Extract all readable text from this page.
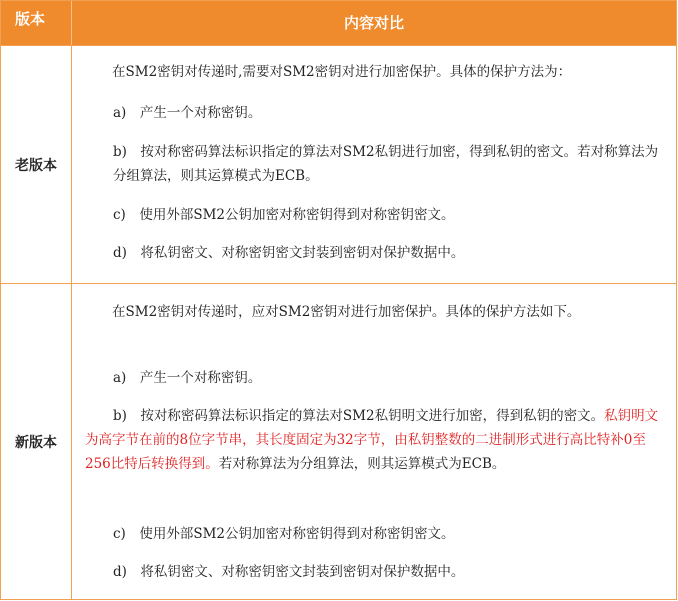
版本	内容对比
老版本
在SM2密钥对传递时,需要对SM2密钥对进行加密保护。具体的保护方法为：
a)　产生一个对称密钥。
b)　按对称密码算法标识指定的算法对SM2私钥进行加密，得到私钥的密文。若对称算法为分组算法，则其运算模式为ECB。
c)　使用外部SM2公钥加密对称密钥得到对称密钥密文。
d)　将私钥密文、对称密钥密文封装到密钥对保护数据中。
新版本
在SM2密钥对传递时，应对SM2密钥对进行加密保护。具体的保护方法如下。
a)　产生一个对称密钥。
b)　按对称密码算法标识指定的算法对SM2私钥明文进行加密，得到私钥的密文。私钥明文为高字节在前的8位字节串，其长度固定为32字节，由私钥整数的二进制形式进行高比特补0至256比特后转换得到。若对称算法为分组算法，则其运算模式为ECB。
c)　使用外部SM2公钥加密对称密钥得到对称密钥密文。
d)　将私钥密文、对称密钥密文封装到密钥对保护数据中。
